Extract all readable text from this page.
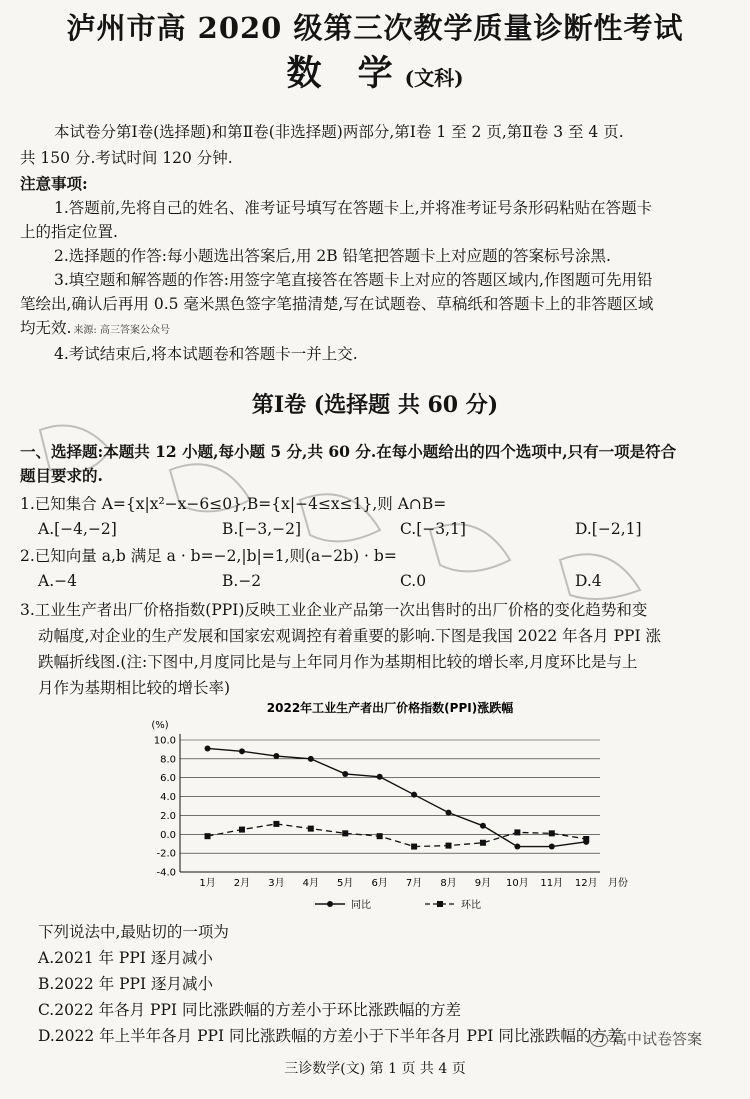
泸州市高 2020 级第三次教学质量诊断性考试
数 学(文科)
本试卷分第Ⅰ卷(选择题)和第Ⅱ卷(非选择题)两部分,第Ⅰ卷 1 至 2 页,第Ⅱ卷 3 至 4 页.
共 150 分.考试时间 120 分钟.
注意事项:
1.答题前,先将自己的姓名、准考证号填写在答题卡上,并将准考证号条形码粘贴在答题卡
上的指定位置.
2.选择题的作答:每小题选出答案后,用 2B 铅笔把答题卡上对应题的答案标号涂黑.
3.填空题和解答题的作答:用签字笔直接答在答题卡上对应的答题区域内,作图题可先用铅
笔绘出,确认后再用 0.5 毫米黑色签字笔描清楚,写在试题卷、草稿纸和答题卡上的非答题区域
均无效. 来源: 高三答案公众号
4.考试结束后,将本试题卷和答题卡一并上交.
第Ⅰ卷 (选择题 共 60 分)
一、选择题:本题共 12 小题,每小题 5 分,共 60 分.在每小题给出的四个选项中,只有一项是符合
题目要求的.
1.已知集合 A={x|x²−x−6≤0},B={x|−4≤x≤1},则 A∩B=
A.[−4,−2]	B.[−3,−2]	C.[−3,1]	D.[−2,1]
2.已知向量 a,b 满足 a · b=−2,|b|=1,则(a−2b) · b=
A.−4	B.−2	C.0	D.4
3.工业生产者出厂价格指数(PPI)反映工业企业产品第一次出售时的出厂价格的变化趋势和变
动幅度,对企业的生产发展和国家宏观调控有着重要的影响.下图是我国 2022 年各月 PPI 涨
跌幅折线图.(注:下图中,月度同比是与上年同月作为基期相比较的增长率,月度环比是与上
月作为基期相比较的增长率)
2022年工业生产者出厂价格指数(PPI)涨跌幅
(%)
10.0
8.0
6.0
4.0
2.0
0.0
-2.0
-4.0
1月 2月 3月 4月 5月 6月 7月 8月 9月 10月 11月 12月 月份
同比	环比
下列说法中,最贴切的一项为
A.2021 年 PPI 逐月减小
B.2022 年 PPI 逐月减小
C.2022 年各月 PPI 同比涨跌幅的方差小于环比涨跌幅的方差
D.2022 年上半年各月 PPI 同比涨跌幅的方差小于下半年各月 PPI 同比涨跌幅的方差
三诊数学(文) 第 1 页 共 4 页
高中试卷答案
